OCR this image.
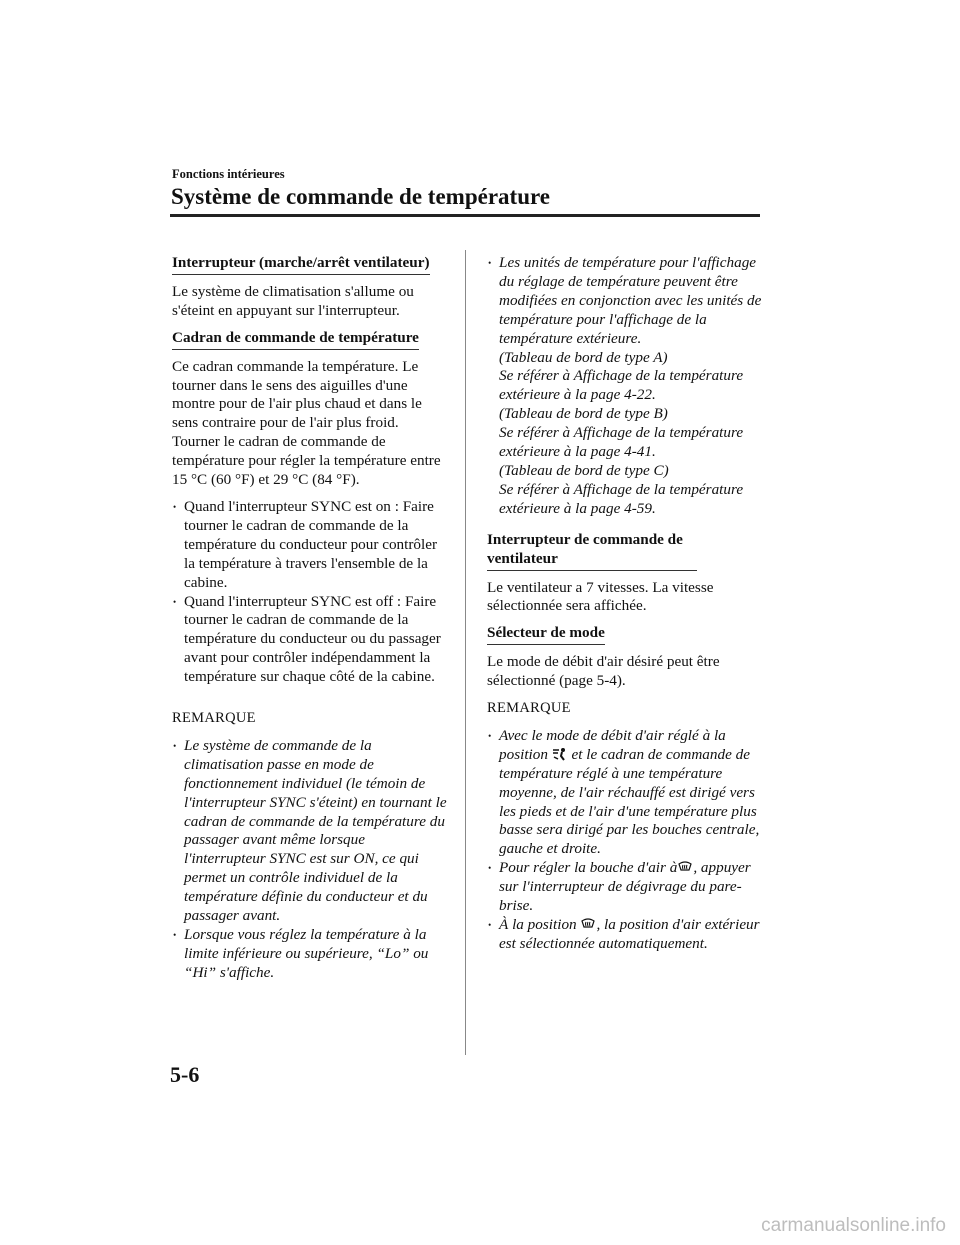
Fonctions intérieures
Système de commande de température
Interrupteur (marche/arrêt ventilateur)

Le système de climatisation s'allume ou s'éteint en appuyant sur l'interrupteur.

Cadran de commande de température

Ce cadran commande la température. Le tourner dans le sens des aiguilles d'une montre pour de l'air plus chaud et dans le sens contraire pour de l'air plus froid. Tourner le cadran de commande de température pour régler la température entre 15 °C (60 °F) et 29 °C (84 °F).

• Quand l'interrupteur SYNC est on : Faire tourner le cadran de commande de la température du conducteur pour contrôler la température à travers l'ensemble de la cabine.
• Quand l'interrupteur SYNC est off : Faire tourner le cadran de commande de la température du conducteur ou du passager avant pour contrôler indépendamment la température sur chaque côté de la cabine.

REMARQUE

• Le système de commande de la climatisation passe en mode de fonctionnement individuel (le témoin de l'interrupteur SYNC s'éteint) en tournant le cadran de commande de la température du passager avant même lorsque l'interrupteur SYNC est sur ON, ce qui permet un contrôle individuel de la température définie du conducteur et du passager avant.
• Lorsque vous réglez la température à la limite inférieure ou supérieure, “Lo” ou “Hi” s'affiche.
• Les unités de température pour l'affichage du réglage de température peuvent être modifiées en conjonction avec les unités de température pour l'affichage de la température extérieure.
(Tableau de bord de type A)
Se référer à Affichage de la température extérieure à la page 4-22.
(Tableau de bord de type B)
Se référer à Affichage de la température extérieure à la page 4-41.
(Tableau de bord de type C)
Se référer à Affichage de la température extérieure à la page 4-59.
Interrupteur de commande de ventilateur

Le ventilateur a 7 vitesses. La vitesse sélectionnée sera affichée.

Sélecteur de mode

Le mode de débit d'air désiré peut être sélectionné (page 5-4).

REMARQUE

• Avec le mode de débit d'air réglé à la position et le cadran de commande de température réglé à une température moyenne, de l'air réchauffé est dirigé vers les pieds et de l'air d'une température plus basse sera dirigé par les bouches centrale, gauche et droite.
• Pour régler la bouche d'air à , appuyer sur l'interrupteur de dégivrage du pare-brise.
• À la position , la position d'air extérieur est sélectionnée automatiquement.
5-6
carmanualsonline.info
